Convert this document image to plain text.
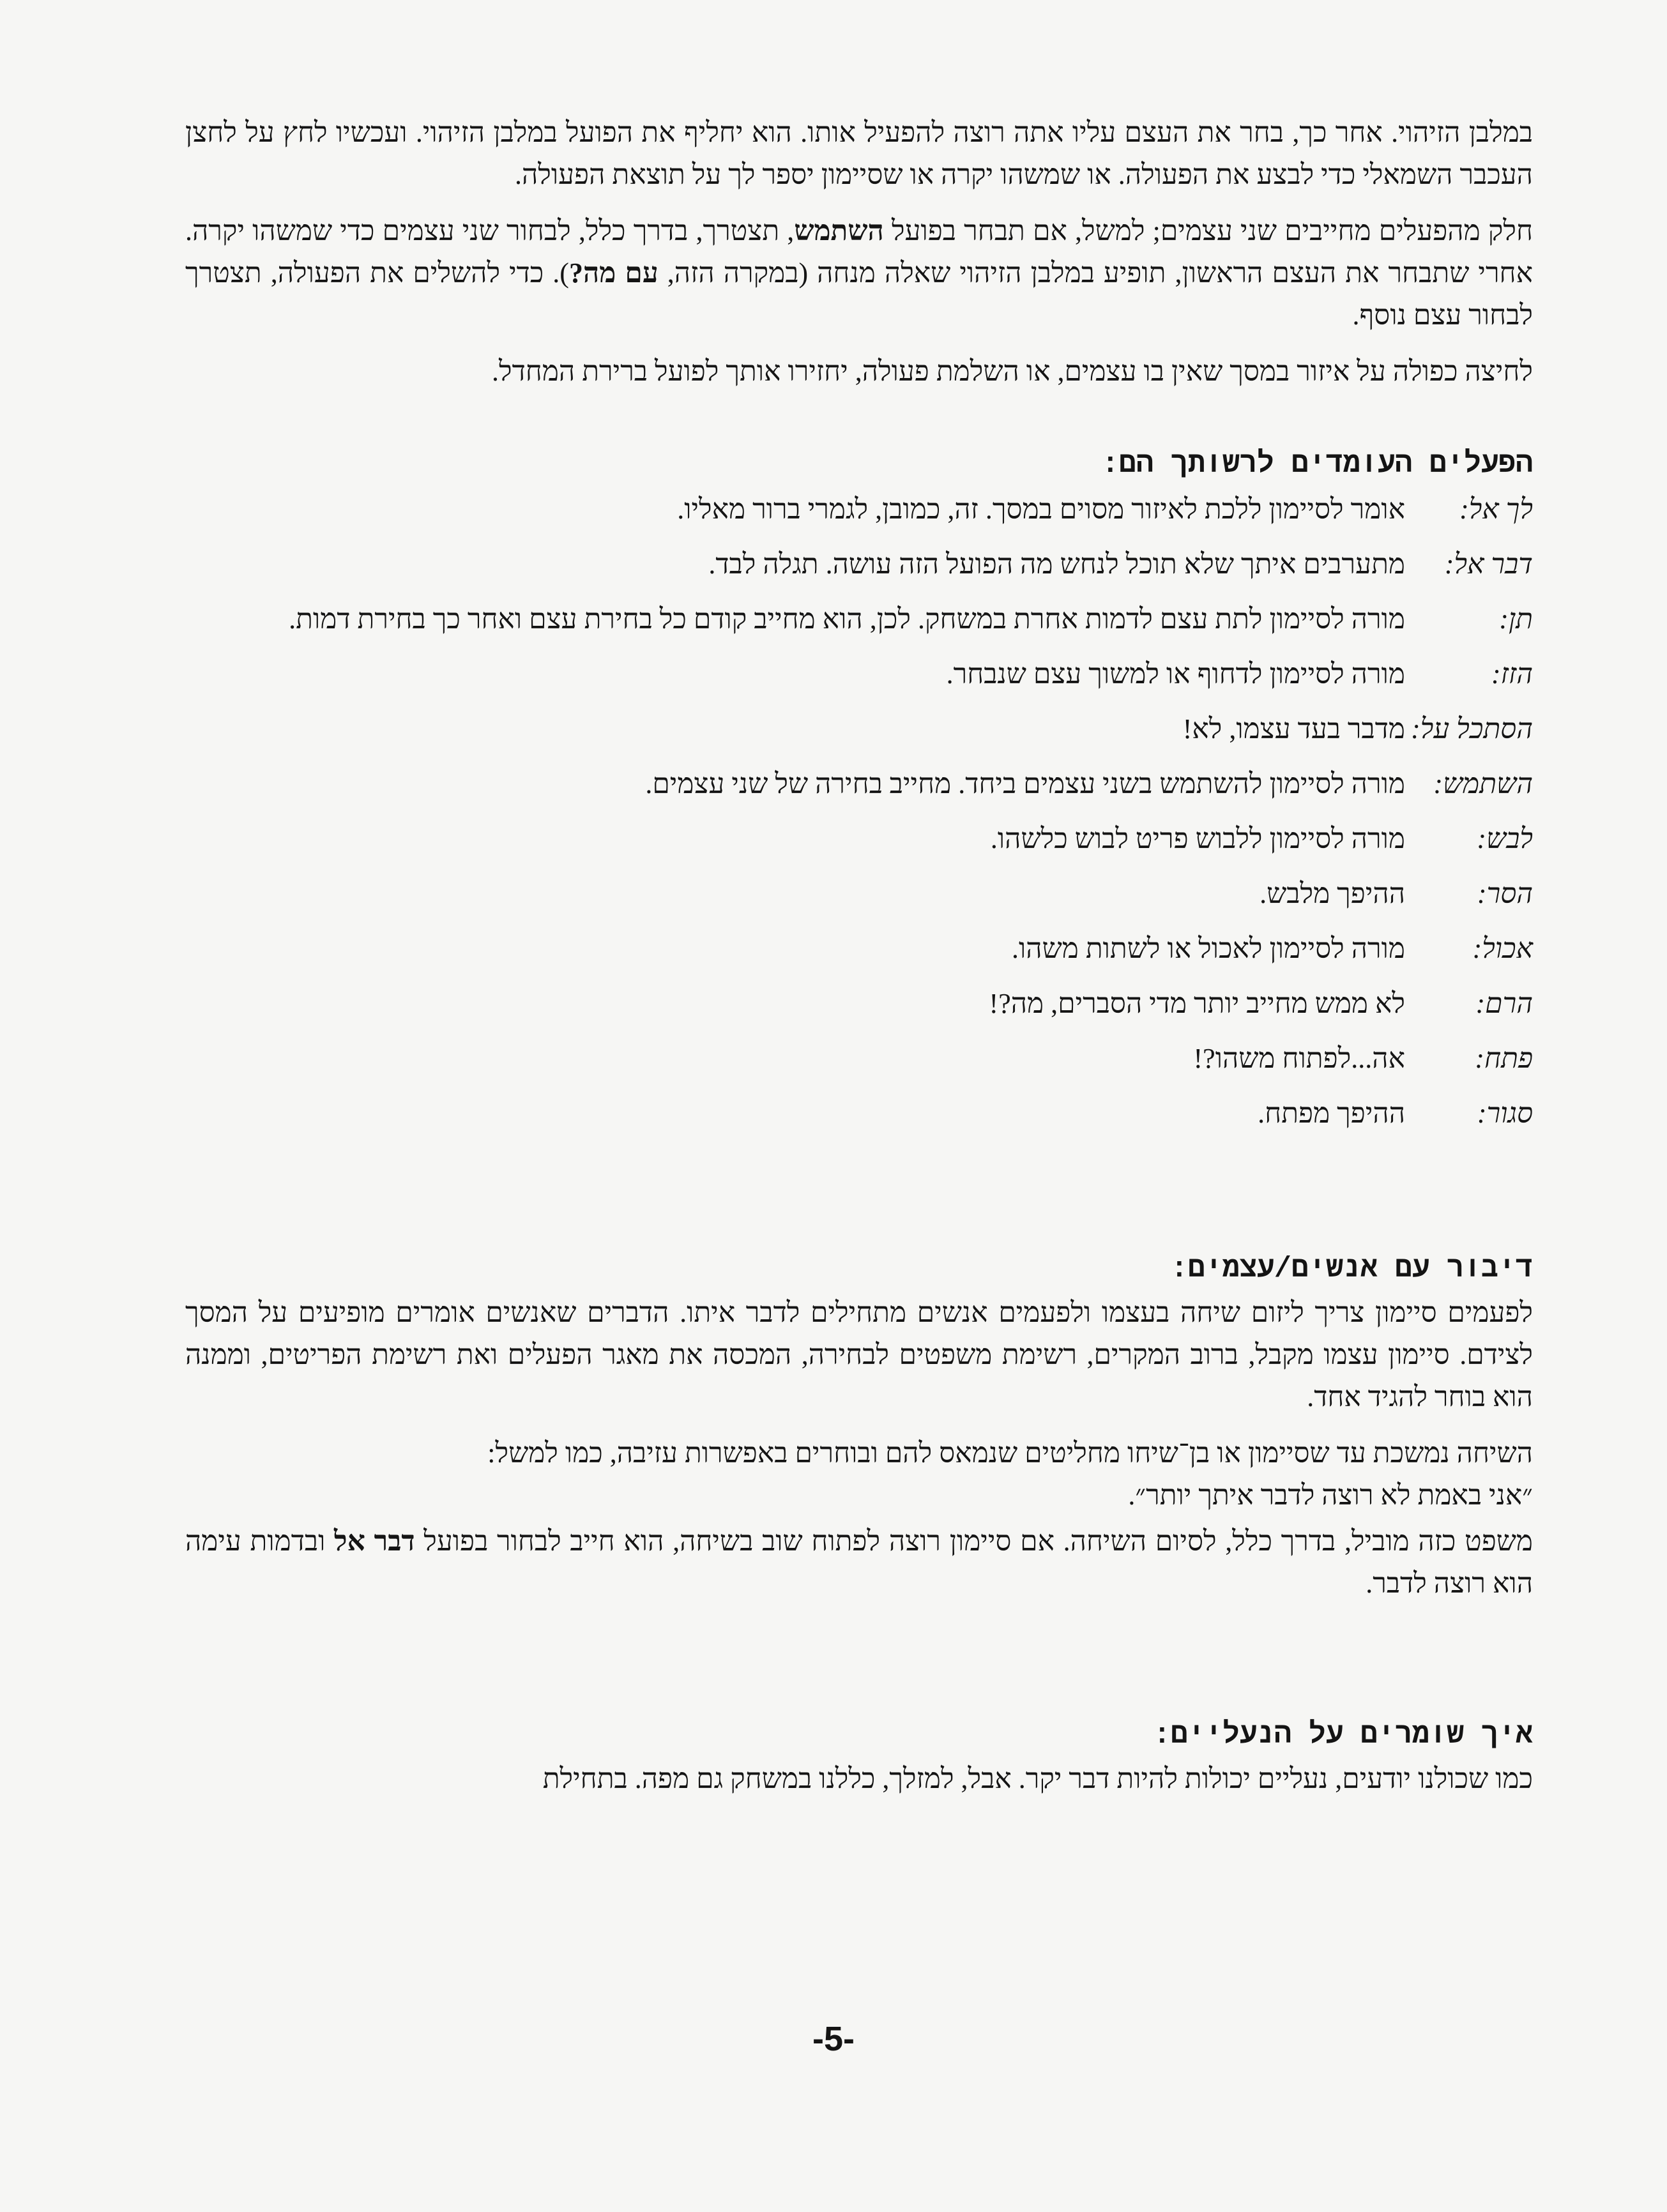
במלבן הזיהוי. אחר כך, בחר את העצם עליו אתה רוצה להפעיל אותו. הוא יחליף את הפועל במלבן הזיהוי. ועכשיו לחץ על לחצן העכבר השמאלי כדי לבצע את הפעולה. או שמשהו יקרה או שסיימון יספר לך על תוצאת הפעולה.

חלק מהפעלים מחייבים שני עצמים; למשל, אם תבחר בפועל השתמש, תצטרך, בדרך כלל, לבחור שני עצמים כדי שמשהו יקרה. אחרי שתבחר את העצם הראשון, תופיע במלבן הזיהוי שאלה מנחה (במקרה הזה, עם מה?). כדי להשלים את הפעולה, תצטרך לבחור עצם נוסף.

לחיצה כפולה על איזור במסך שאין בו עצמים, או השלמת פעולה, יחזירו אותך לפועל ברירת המחדל.

הפעלים העומדים לרשותך הם:
לך אל:
אומר לסיימון ללכת לאיזור מסוים במסך. זה, כמובן, לגמרי ברור מאליו.
דבר אל:
מתערבים איתך שלא תוכל לנחש מה הפועל הזה עושה. תגלה לבד.
תן:
מורה לסיימון לתת עצם לדמות אחרת במשחק. לכן, הוא מחייב קודם כל בחירת עצם ואחר כך בחירת דמות.
הזז:
מורה לסיימון לדחוף או למשוך עצם שנבחר.
הסתכל על:
מדבר בעד עצמו, לא!
השתמש:
מורה לסיימון להשתמש בשני עצמים ביחד. מחייב בחירה של שני עצמים.
לבש:
מורה לסיימון ללבוש פריט לבוש כלשהו.
הסר:
ההיפך מלבש.
אכול:
מורה לסיימון לאכול או לשתות משהו.
הרם:
לא ממש מחייב יותר מדי הסברים, מה?!
פתח:
אה...לפתוח משהו?!
סגור:
ההיפך מפתח.
דיבור עם אנשים/עצמים:

לפעמים סיימון צריך ליזום שיחה בעצמו ולפעמים אנשים מתחילים לדבר איתו. הדברים שאנשים אומרים מופיעים על המסך לצידם. סיימון עצמו מקבל, ברוב המקרים, רשימת משפטים לבחירה, המכסה את מאגר הפעלים ואת רשימת הפריטים, וממנה הוא בוחר להגיד אחד.

השיחה נמשכת עד שסיימון או בן־שיחו מחליטים שנמאס להם ובוחרים באפשרות עזיבה, כמו למשל:

״אני באמת לא רוצה לדבר איתך יותר״.

משפט כזה מוביל, בדרך כלל, לסיום השיחה. אם סיימון רוצה לפתוח שוב בשיחה, הוא חייב לבחור בפועל דבר אל ובדמות עימה הוא רוצה לדבר.

איך שומרים על הנעליים:

כמו שכולנו יודעים, נעליים יכולות להיות דבר יקר. אבל, למזלך, כללנו במשחק גם מפה. בתחילת

-5-
